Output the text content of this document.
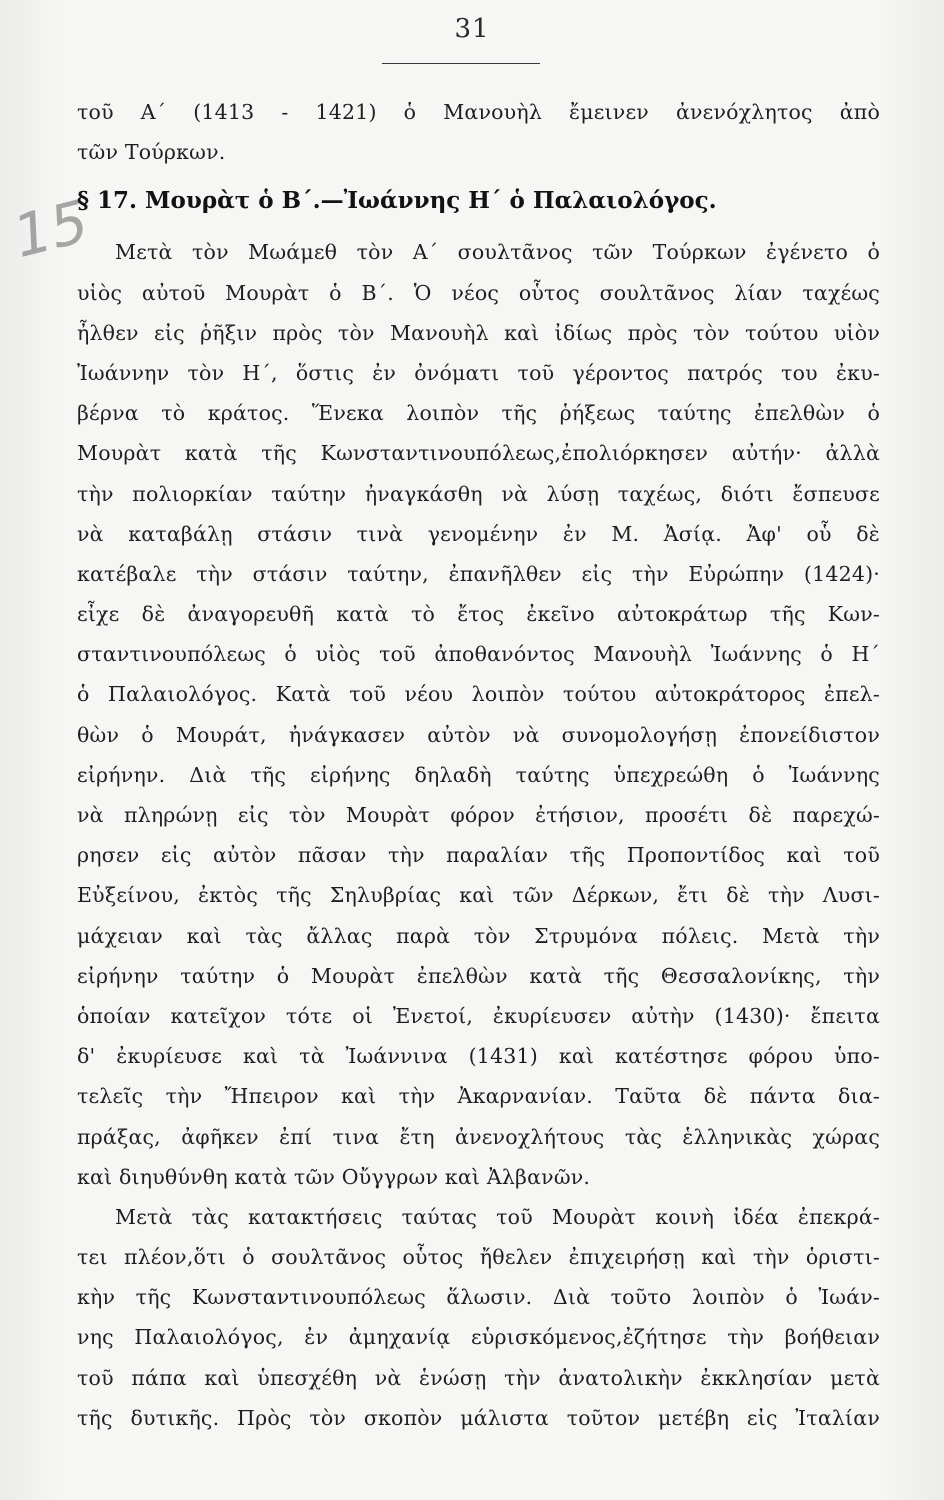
31
15
τοῦ Α΄ (1413 - 1421) ὁ Μανουὴλ ἔμεινεν ἀνενόχλητος ἀπὸ
τῶν Τούρκων.
§ 17. Μουρὰτ ὁ Β΄.—Ἰωάννης Η΄ ὁ Παλαιολόγος.
Μετὰ τὸν Μωάμεθ τὸν Α΄ σουλτᾶνος τῶν Τούρκων ἐγένετο ὁ
υἱὸς αὐτοῦ Μουρὰτ ὁ Β΄. Ὁ νέος οὗτος σουλτᾶνος λίαν ταχέως
ἦλθεν εἰς ῥῆξιν πρὸς τὸν Μανουὴλ καὶ ἰδίως πρὸς τὸν τούτου υἱὸν
Ἰωάννην τὸν Η΄, ὅστις ἐν ὀνόματι τοῦ γέροντος πατρός του ἐκυ-
βέρνα τὸ κράτος. Ἕνεκα λοιπὸν τῆς ῥήξεως ταύτης ἐπελθὼν ὁ
Μουρὰτ κατὰ τῆς Κωνσταντινουπόλεως,ἐπολιόρκησεν αὐτήν· ἀλλὰ
τὴν πολιορκίαν ταύτην ἠναγκάσθη νὰ λύσῃ ταχέως, διότι ἔσπευσε
νὰ καταβάλῃ στάσιν τινὰ γενομένην ἐν Μ. Ἀσίᾳ. Ἀφ' οὗ δὲ
κατέβαλε τὴν στάσιν ταύτην, ἐπανῆλθεν εἰς τὴν Εὐρώπην (1424)·
εἶχε δὲ ἀναγορευθῆ κατὰ τὸ ἔτος ἐκεῖνο αὐτοκράτωρ τῆς Κων-
σταντινουπόλεως ὁ υἱὸς τοῦ ἀποθανόντος Μανουὴλ Ἰωάννης ὁ Η΄
ὁ Παλαιολόγος. Κατὰ τοῦ νέου λοιπὸν τούτου αὐτοκράτορος ἐπελ-
θὼν ὁ Μουράτ, ἠνάγκασεν αὐτὸν νὰ συνομολογήσῃ ἐπονείδιστον
εἰρήνην. Διὰ τῆς εἰρήνης δηλαδὴ ταύτης ὑπεχρεώθη ὁ Ἰωάννης
νὰ πληρώνῃ εἰς τὸν Μουρὰτ φόρον ἐτήσιον, προσέτι δὲ παρεχώ-
ρησεν εἰς αὐτὸν πᾶσαν τὴν παραλίαν τῆς Προποντίδος καὶ τοῦ
Εὐξείνου, ἐκτὸς τῆς Σηλυβρίας καὶ τῶν Δέρκων, ἔτι δὲ τὴν Λυσι-
μάχειαν καὶ τὰς ἄλλας παρὰ τὸν Στρυμόνα πόλεις. Μετὰ τὴν
εἰρήνην ταύτην ὁ Μουρὰτ ἐπελθὼν κατὰ τῆς Θεσσαλονίκης, τὴν
ὁποίαν κατεῖχον τότε οἱ Ἐνετοί, ἐκυρίευσεν αὐτὴν (1430)· ἔπειτα
δ' ἐκυρίευσε καὶ τὰ Ἰωάννινα (1431) καὶ κατέστησε φόρου ὑπο-
τελεῖς τὴν Ἤπειρον καὶ τὴν Ἀκαρνανίαν. Ταῦτα δὲ πάντα δια-
πράξας, ἀφῆκεν ἐπί τινα ἔτη ἀνενοχλήτους τὰς ἑλληνικὰς χώρας
καὶ διηυθύνθη κατὰ τῶν Οὔγγρων καὶ Ἀλβανῶν.
Μετὰ τὰς κατακτήσεις ταύτας τοῦ Μουρὰτ κοινὴ ἰδέα ἐπεκρά-
τει πλέον,ὅτι ὁ σουλτᾶνος οὗτος ἤθελεν ἐπιχειρήσῃ καὶ τὴν ὁριστι-
κὴν τῆς Κωνσταντινουπόλεως ἅλωσιν. Διὰ τοῦτο λοιπὸν ὁ Ἰωάν-
νης Παλαιολόγος, ἐν ἀμηχανίᾳ εὑρισκόμενος,ἐζήτησε τὴν βοήθειαν
τοῦ πάπα καὶ ὑπεσχέθη νὰ ἑνώσῃ τὴν ἀνατολικὴν ἐκκλησίαν μετὰ
τῆς δυτικῆς. Πρὸς τὸν σκοπὸν μάλιστα τοῦτον μετέβη εἰς Ἰταλίαν
